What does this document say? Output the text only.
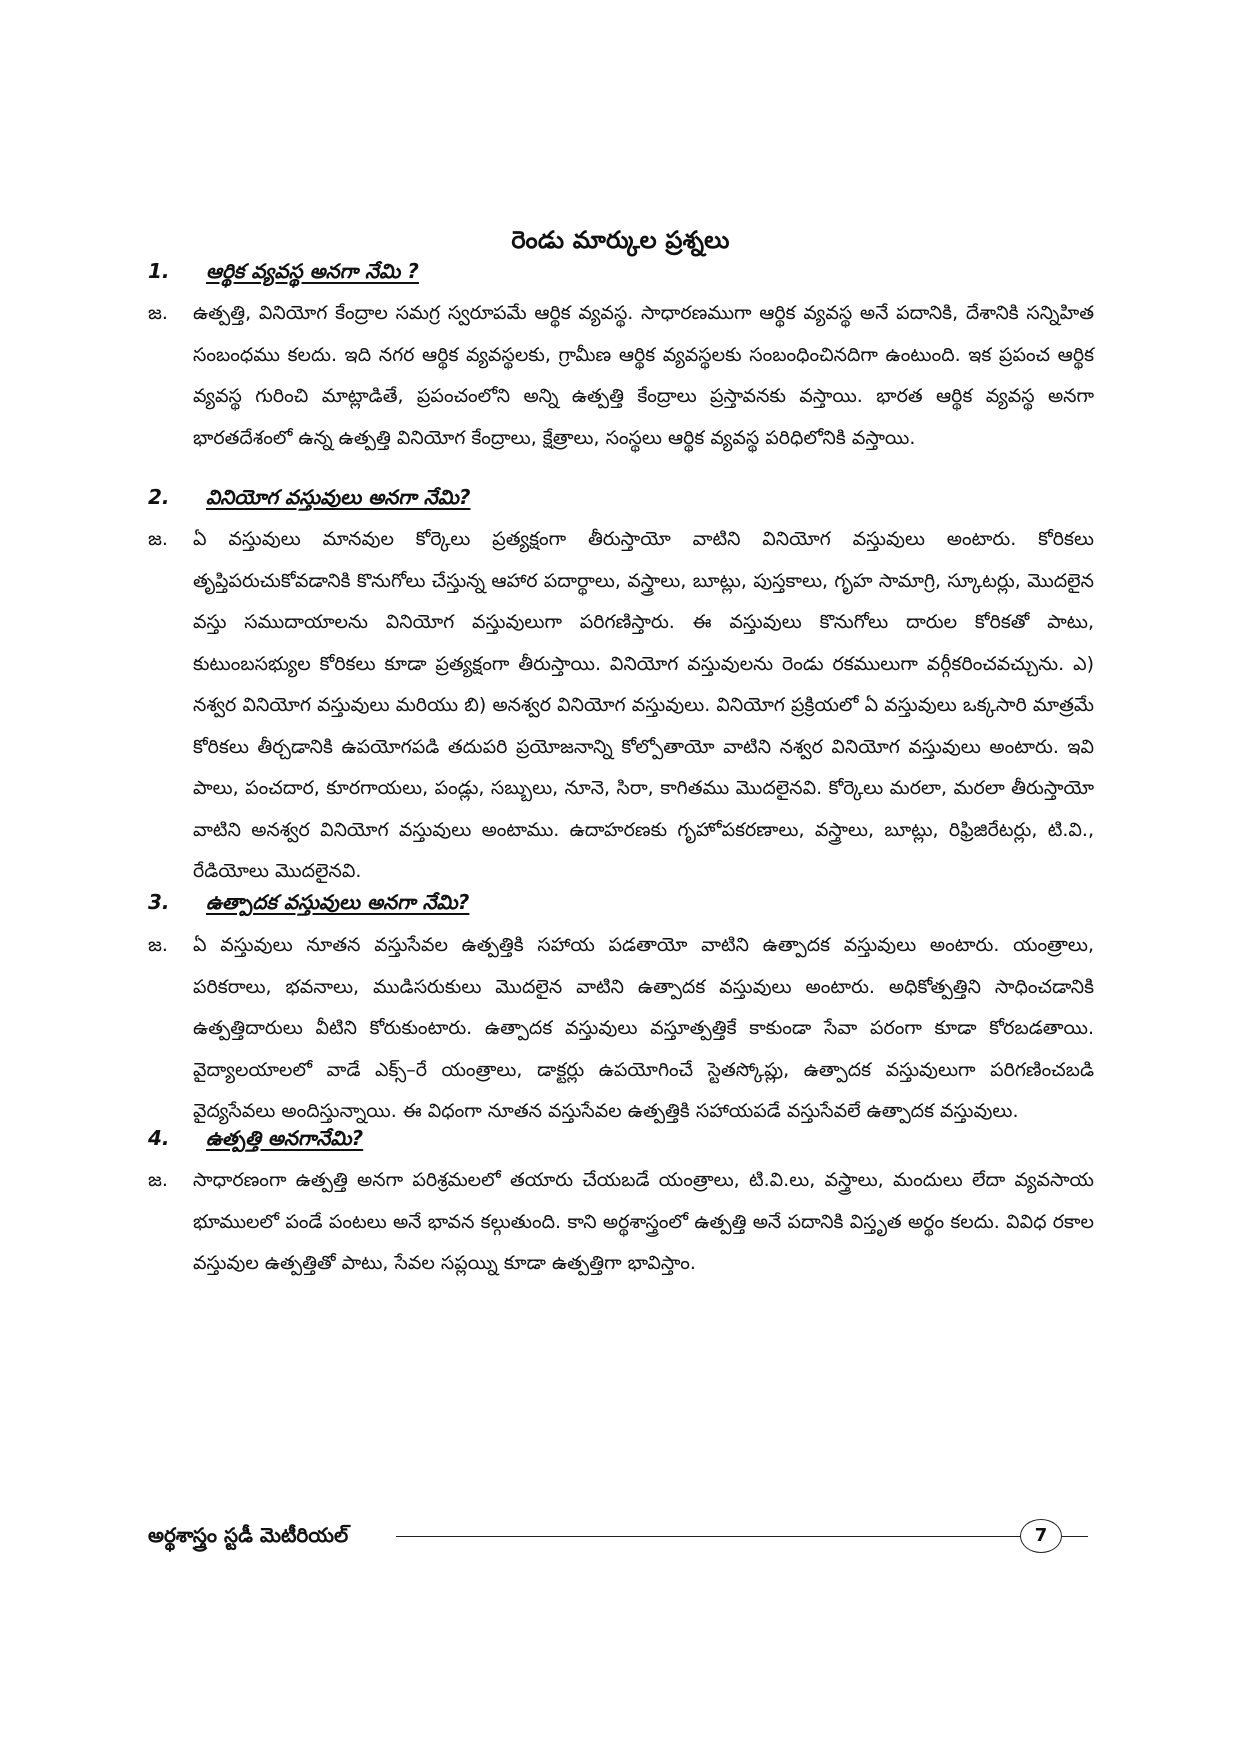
రెండు మార్కుల ప్రశ్నలు
1. ఆర్థిక వ్యవస్థ అనగా నేమి ?
జ. ఉత్పత్తి, వినియోగ కేంద్రాల సమగ్ర స్వరూపమే ఆర్థిక వ్యవస్థ. సాధారణముగా ఆర్థిక వ్యవస్థ అనే పదానికి, దేశానికి సన్నిహిత సంబంధము కలదు. ఇది నగర ఆర్థిక వ్యవస్థలకు, గ్రామీణ ఆర్థిక వ్యవస్థలకు సంబంధించినదిగా ఉంటుంది. ఇక ప్రపంచ ఆర్థిక వ్యవస్థ గురించి మాట్లాడితే, ప్రపంచంలోని అన్ని ఉత్పత్తి కేంద్రాలు ప్రస్తావనకు వస్తాయి. భారత ఆర్థిక వ్యవస్థ అనగా భారతదేశంలో ఉన్న ఉత్పత్తి వినియోగ కేంద్రాలు, క్షేత్రాలు, సంస్థలు ఆర్థిక వ్యవస్థ పరిధిలోనికి వస్తాయి.
2. వినియోగ వస్తువులు అనగా నేమి?
జ. ఏ వస్తువులు మానవుల కోర్కెలు ప్రత్యక్షంగా తీరుస్తాయో వాటిని వినియోగ వస్తువులు అంటారు. కోరికలు తృప్తిపరుచుకోవడానికి కొనుగోలు చేస్తున్న ఆహార పదార్థాలు, వస్త్రాలు, బూట్లు, పుస్తకాలు, గృహ సామాగ్రి, స్కూటర్లు, మొదలైన వస్తు సముదాయాలను వినియోగ వస్తువులుగా పరిగణిస్తారు. ఈ వస్తువులు కొనుగోలు దారుల కోరికతో పాటు, కుటుంబసభ్యుల కోరికలు కూడా ప్రత్యక్షంగా తీరుస్తాయి. వినియోగ వస్తువులను రెండు రకములుగా వర్గీకరించవచ్చును. ఎ) నశ్వర వినియోగ వస్తువులు మరియు బి) అనశ్వర వినియోగ వస్తువులు. వినియోగ ప్రక్రియలో ఏ వస్తువులు ఒక్కసారి మాత్రమే కోరికలు తీర్చడానికి ఉపయోగపడి తదుపరి ప్రయోజనాన్ని కోల్పోతాయో వాటిని నశ్వర వినియోగ వస్తువులు అంటారు. ఇవి పాలు, పంచదార, కూరగాయలు, పండ్లు, సబ్బులు, నూనె, సిరా, కాగితము మొదలైనవి. కోర్కెలు మరలా, మరలా తీరుస్తాయో వాటిని అనశ్వర వినియోగ వస్తువులు అంటాము. ఉదాహరణకు గృహోపకరణాలు, వస్త్రాలు, బూట్లు, రిఫ్రిజిరేటర్లు, టి.వి., రేడియోలు మొదలైనవి.
3. ఉత్పాదక వస్తువులు అనగా నేమి?
జ. ఏ వస్తువులు నూతన వస్తుసేవల ఉత్పత్తికి సహాయ పడతాయో వాటిని ఉత్పాదక వస్తువులు అంటారు. యంత్రాలు, పరికరాలు, భవనాలు, ముడిసరుకులు మొదలైన వాటిని ఉత్పాదక వస్తువులు అంటారు. అధికోత్పత్తిని సాధించడానికి ఉత్పత్తిదారులు వీటిని కోరుకుంటారు. ఉత్పాదక వస్తువులు వస్తూత్పత్తికే కాకుండా సేవా పరంగా కూడా కోరబడతాయి. వైద్యాలయాలలో వాడే ఎక్స్–రే యంత్రాలు, డాక్టర్లు ఉపయోగించే స్టెతస్కోప్లు, ఉత్పాదక వస్తువులుగా పరిగణించబడి వైద్యసేవలు అందిస్తున్నాయి. ఈ విధంగా నూతన వస్తుసేవల ఉత్పత్తికి సహాయపడే వస్తుసేవలే ఉత్పాదక వస్తువులు.
4. ఉత్పత్తి అనగానేమి?
జ. సాధారణంగా ఉత్పత్తి అనగా పరిశ్రమలలో తయారు చేయబడే యంత్రాలు, టి.వి.లు, వస్త్రాలు, మందులు లేదా వ్యవసాయ భూములలో పండే పంటలు అనే భావన కల్గుతుంది. కాని అర్థశాస్త్రంలో ఉత్పత్తి అనే పదానికి విస్తృత అర్థం కలదు. వివిధ రకాల వస్తువుల ఉత్పత్తితో పాటు, సేవల సప్లయ్ని కూడా ఉత్పత్తిగా భావిస్తాం.
అర్థశాస్త్రం స్టడీ మెటీరియల్	7
